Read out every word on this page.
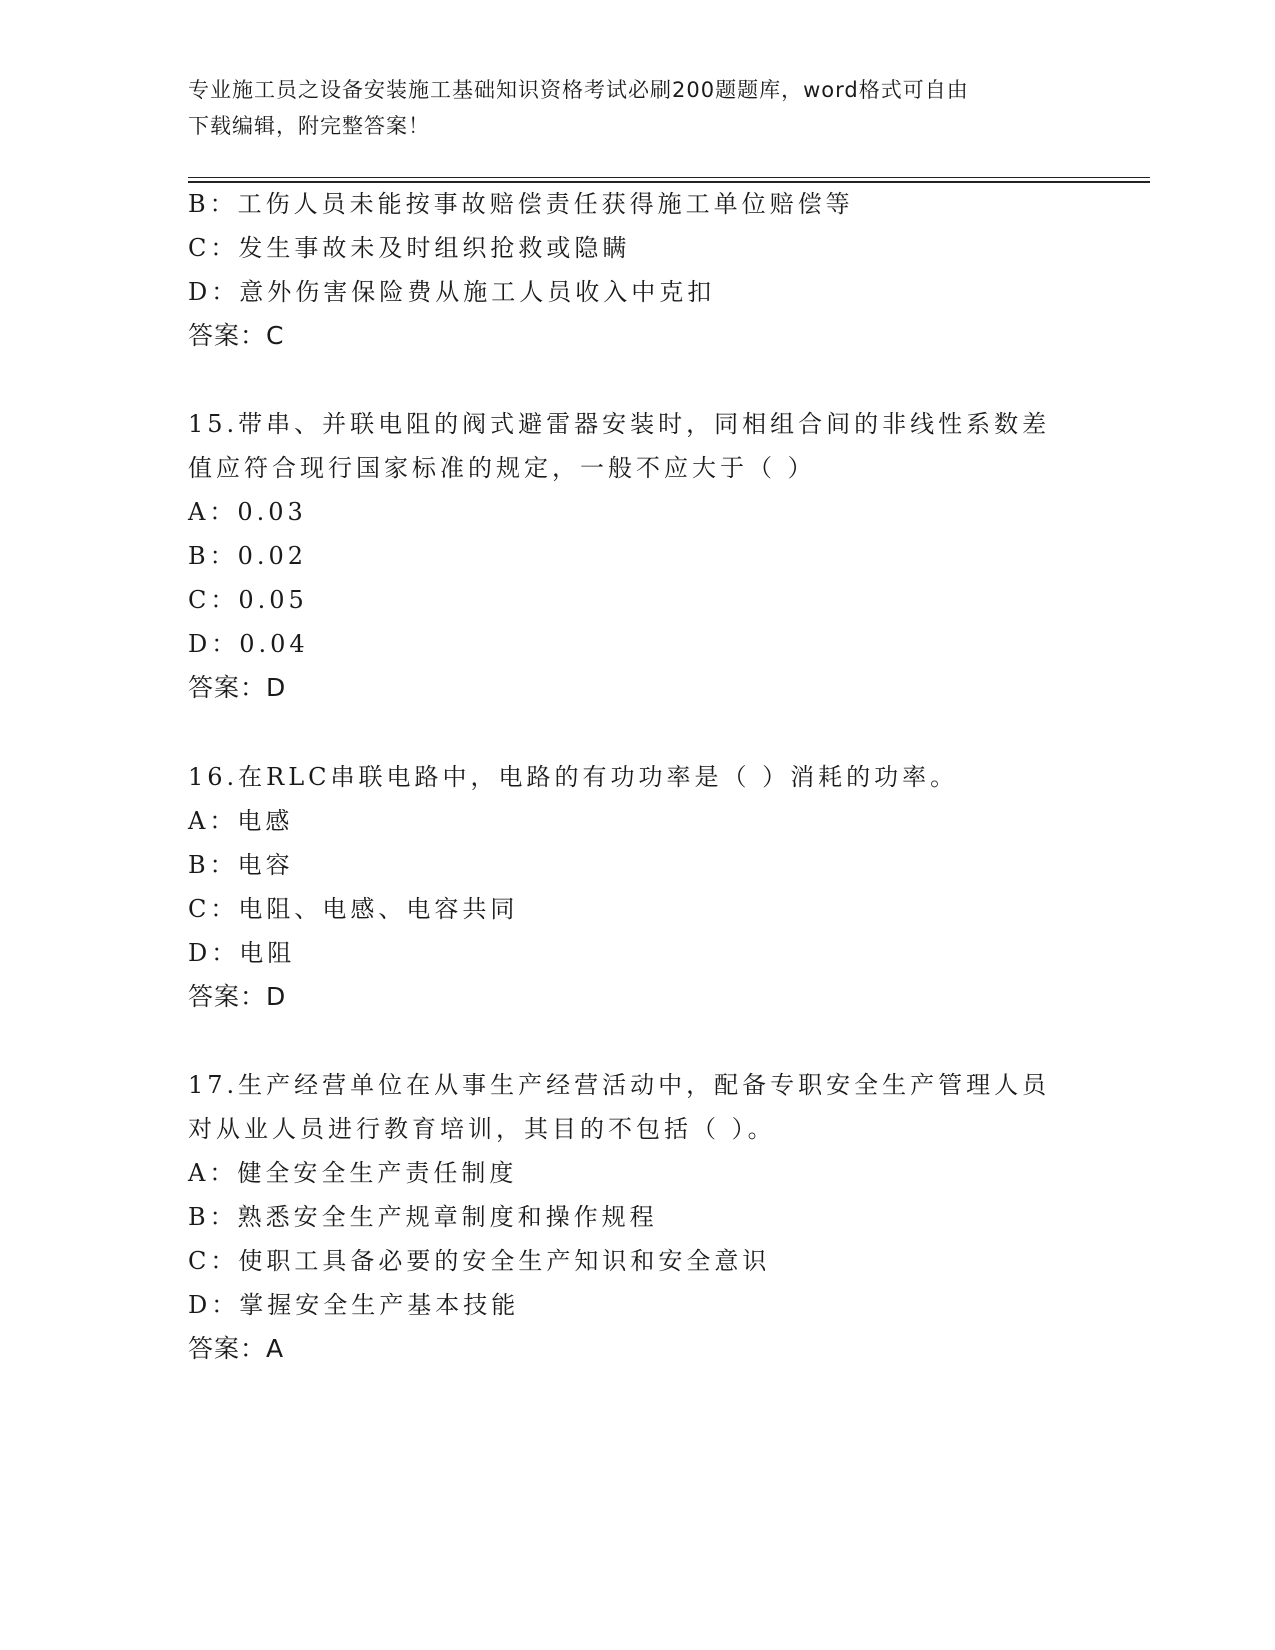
专业施工员之设备安装施工基础知识资格考试必刷200题题库，word格式可自由
下载编辑，附完整答案！
B：工伤人员未能按事故赔偿责任获得施工单位赔偿等
C：发生事故未及时组织抢救或隐瞒
D：意外伤害保险费从施工人员收入中克扣
答案：C
15.带串、并联电阻的阀式避雷器安装时，同相组合间的非线性系数差
值应符合现行国家标准的规定，一般不应大于（ ）
A：0.03
B：0.02
C：0.05
D：0.04
答案：D
16.在RLC串联电路中，电路的有功功率是（ ）消耗的功率。
A：电感
B：电容
C：电阻、电感、电容共同
D：电阻
答案：D
17.生产经营单位在从事生产经营活动中，配备专职安全生产管理人员
对从业人员进行教育培训，其目的不包括（ ）。
A：健全安全生产责任制度
B：熟悉安全生产规章制度和操作规程
C：使职工具备必要的安全生产知识和安全意识
D：掌握安全生产基本技能
答案：A
